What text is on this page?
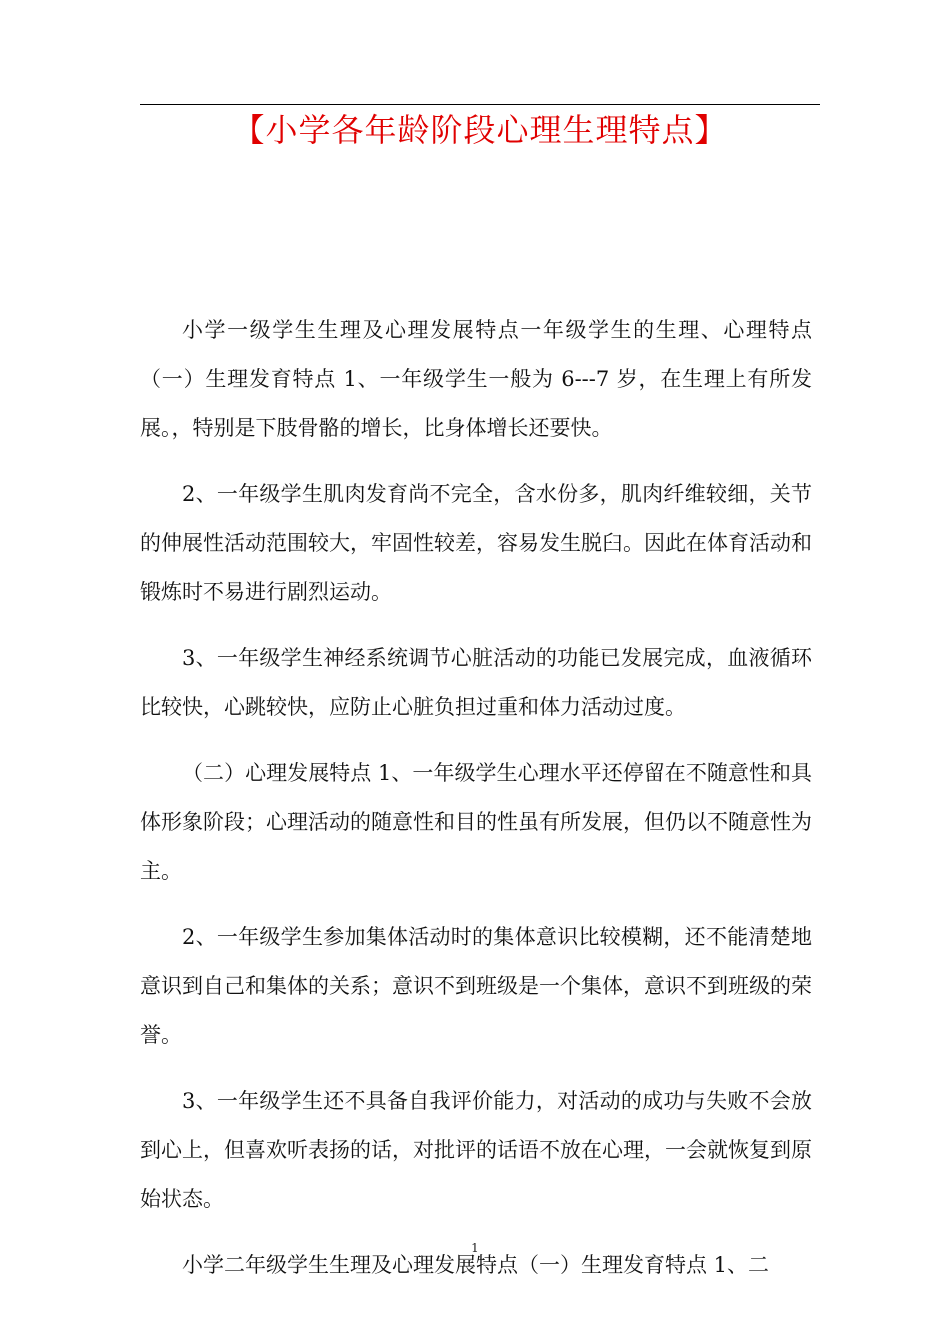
【小学各年龄阶段心理生理特点】

小学一级学生生理及心理发展特点一年级学生的生理、心理特点（一）生理发育特点 1、一年级学生一般为 6---7 岁，在生理上有所发展。，特别是下肢骨骼的增长，比身体增长还要快。

2、一年级学生肌肉发育尚不完全，含水份多，肌肉纤维较细，关节的伸展性活动范围较大，牢固性较差，容易发生脱臼。因此在体育活动和锻炼时不易进行剧烈运动。

3、一年级学生神经系统调节心脏活动的功能已发展完成，血液循环比较快，心跳较快，应防止心脏负担过重和体力活动过度。

（二）心理发展特点 1、一年级学生心理水平还停留在不随意性和具体形象阶段；心理活动的随意性和目的性虽有所发展，但仍以不随意性为主。

2、一年级学生参加集体活动时的集体意识比较模糊，还不能清楚地意识到自己和集体的关系；意识不到班级是一个集体，意识不到班级的荣誉。

3、一年级学生还不具备自我评价能力，对活动的成功与失败不会放到心上，但喜欢听表扬的话，对批评的话语不放在心理，一会就恢复到原始状态。

小学二年级学生生理及心理发展特点（一）生理发育特点 1、二

1
